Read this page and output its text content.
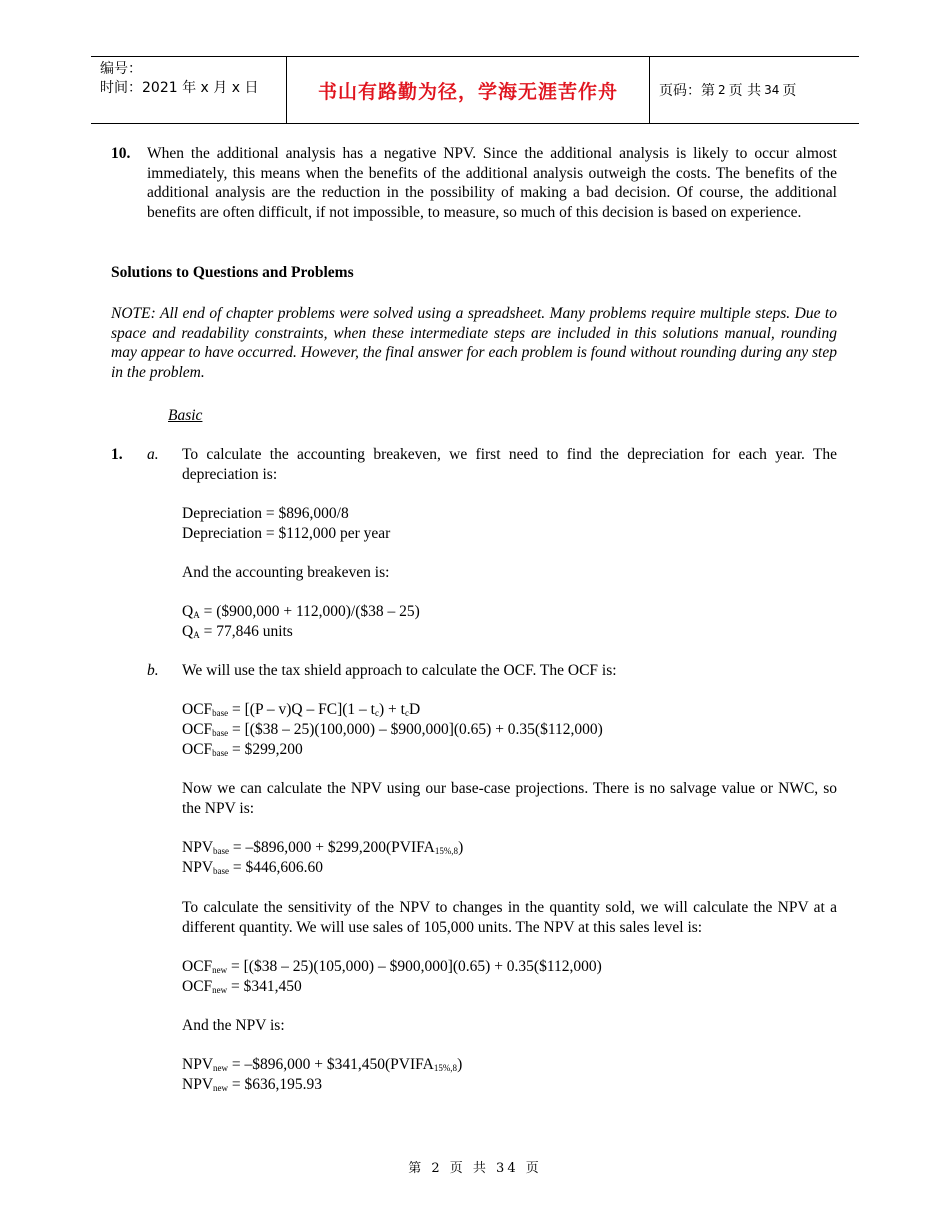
编号：
时间：2021 年 x 月 x 日	书山有路勤为径，学海无涯苦作舟	页码：第 2 页 共 34 页
10. When the additional analysis has a negative NPV. Since the additional analysis is likely to occur almost immediately, this means when the benefits of the additional analysis outweigh the costs. The benefits of the additional analysis are the reduction in the possibility of making a bad decision. Of course, the additional benefits are often difficult, if not impossible, to measure, so much of this decision is based on experience.
Solutions to Questions and Problems
NOTE: All end of chapter problems were solved using a spreadsheet. Many problems require multiple steps. Due to space and readability constraints, when these intermediate steps are included in this solutions manual, rounding may appear to have occurred. However, the final answer for each problem is found without rounding during any step in the problem.
Basic
1. a. To calculate the accounting breakeven, we first need to find the depreciation for each year. The depreciation is:
Depreciation = $896,000/8
Depreciation = $112,000 per year
And the accounting breakeven is:
$Q_A$ = ($900,000 + 112,000)/($38 – 25)
$Q_A = 77,846$ units
b. We will use the tax shield approach to calculate the OCF. The OCF is:
$OCF_{base} = [(P - v)Q - FC](1 - t_c) + t_cD$
$OCF_{base}$ = [($38 – 25)(100,000) – $900,000](0.65) + 0.35($112,000)
$OCF_{base}$ = $299,200
Now we can calculate the NPV using our base-case projections. There is no salvage value or NWC, so the NPV is:
$NPV_{base}$ = –$896,000 + $\$299,200(PVIFA_{15\%,8})$
$NPV_{base}$ = $446,606.60
To calculate the sensitivity of the NPV to changes in the quantity sold, we will calculate the NPV at a different quantity. We will use sales of 105,000 units. The NPV at this sales level is:
$OCF_{new}$ = [($38 – 25)(105,000) – $900,000](0.65) + 0.35($112,000)
$OCF_{new}$ = $341,450
And the NPV is:
$NPV_{new}$ = –$896,000 + $\$341,450(PVIFA_{15\%,8})$
$NPV_{new}$ = $636,195.93
第 2 页 共 34 页
